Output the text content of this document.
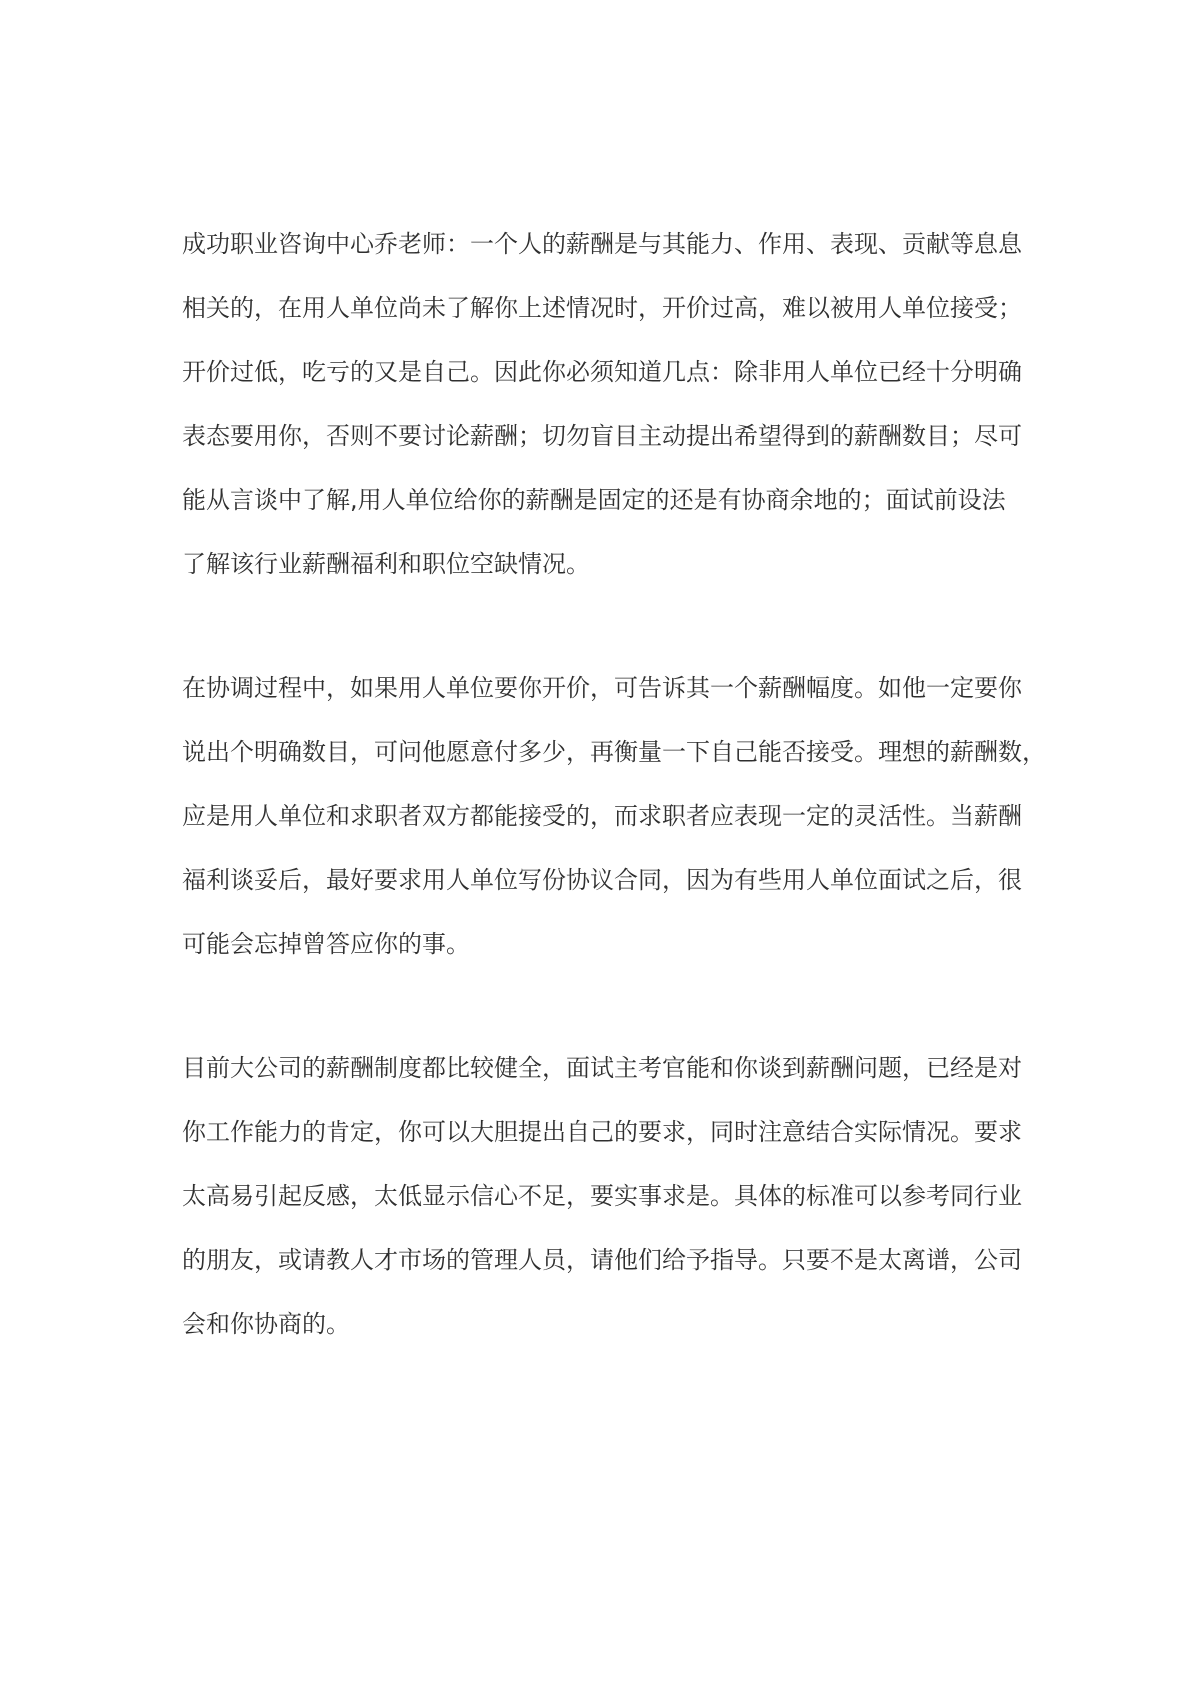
成功职业咨询中心乔老师：一个人的薪酬是与其能力、作用、表现、贡献等息息
相关的，在用人单位尚未了解你上述情况时，开价过高，难以被用人单位接受；
开价过低，吃亏的又是自己。因此你必须知道几点：除非用人单位已经十分明确
表态要用你，否则不要讨论薪酬；切勿盲目主动提出希望得到的薪酬数目；尽可
能从言谈中了解,用人单位给你的薪酬是固定的还是有协商余地的；面试前设法
了解该行业薪酬福利和职位空缺情况。

在协调过程中，如果用人单位要你开价，可告诉其一个薪酬幅度。如他一定要你
说出个明确数目，可问他愿意付多少，再衡量一下自己能否接受。理想的薪酬数，
应是用人单位和求职者双方都能接受的，而求职者应表现一定的灵活性。当薪酬
福利谈妥后，最好要求用人单位写份协议合同，因为有些用人单位面试之后，很
可能会忘掉曾答应你的事。

目前大公司的薪酬制度都比较健全，面试主考官能和你谈到薪酬问题，已经是对
你工作能力的肯定，你可以大胆提出自己的要求，同时注意结合实际情况。要求
太高易引起反感，太低显示信心不足，要实事求是。具体的标准可以参考同行业
的朋友，或请教人才市场的管理人员，请他们给予指导。只要不是太离谱，公司
会和你协商的。
